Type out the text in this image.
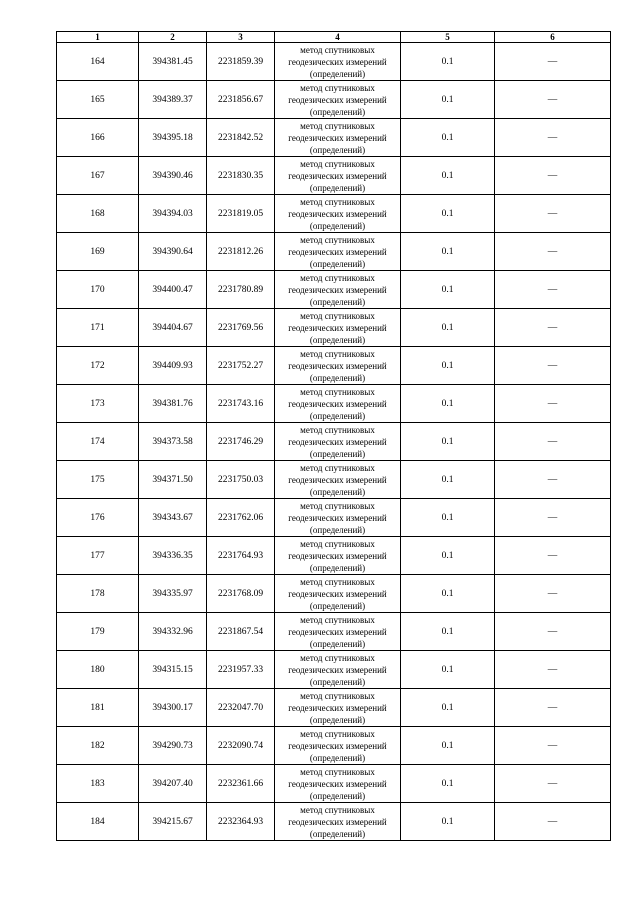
1	2	3	4	5	6
164	394381.45	2231859.39	метод спутниковых геодезических измерений (определений)	0.1	—
165	394389.37	2231856.67	метод спутниковых геодезических измерений (определений)	0.1	—
166	394395.18	2231842.52	метод спутниковых геодезических измерений (определений)	0.1	—
167	394390.46	2231830.35	метод спутниковых геодезических измерений (определений)	0.1	—
168	394394.03	2231819.05	метод спутниковых геодезических измерений (определений)	0.1	—
169	394390.64	2231812.26	метод спутниковых геодезических измерений (определений)	0.1	—
170	394400.47	2231780.89	метод спутниковых геодезических измерений (определений)	0.1	—
171	394404.67	2231769.56	метод спутниковых геодезических измерений (определений)	0.1	—
172	394409.93	2231752.27	метод спутниковых геодезических измерений (определений)	0.1	—
173	394381.76	2231743.16	метод спутниковых геодезических измерений (определений)	0.1	—
174	394373.58	2231746.29	метод спутниковых геодезических измерений (определений)	0.1	—
175	394371.50	2231750.03	метод спутниковых геодезических измерений (определений)	0.1	—
176	394343.67	2231762.06	метод спутниковых геодезических измерений (определений)	0.1	—
177	394336.35	2231764.93	метод спутниковых геодезических измерений (определений)	0.1	—
178	394335.97	2231768.09	метод спутниковых геодезических измерений (определений)	0.1	—
179	394332.96	2231867.54	метод спутниковых геодезических измерений (определений)	0.1	—
180	394315.15	2231957.33	метод спутниковых геодезических измерений (определений)	0.1	—
181	394300.17	2232047.70	метод спутниковых геодезических измерений (определений)	0.1	—
182	394290.73	2232090.74	метод спутниковых геодезических измерений (определений)	0.1	—
183	394207.40	2232361.66	метод спутниковых геодезических измерений (определений)	0.1	—
184	394215.67	2232364.93	метод спутниковых геодезических измерений (определений)	0.1	—
